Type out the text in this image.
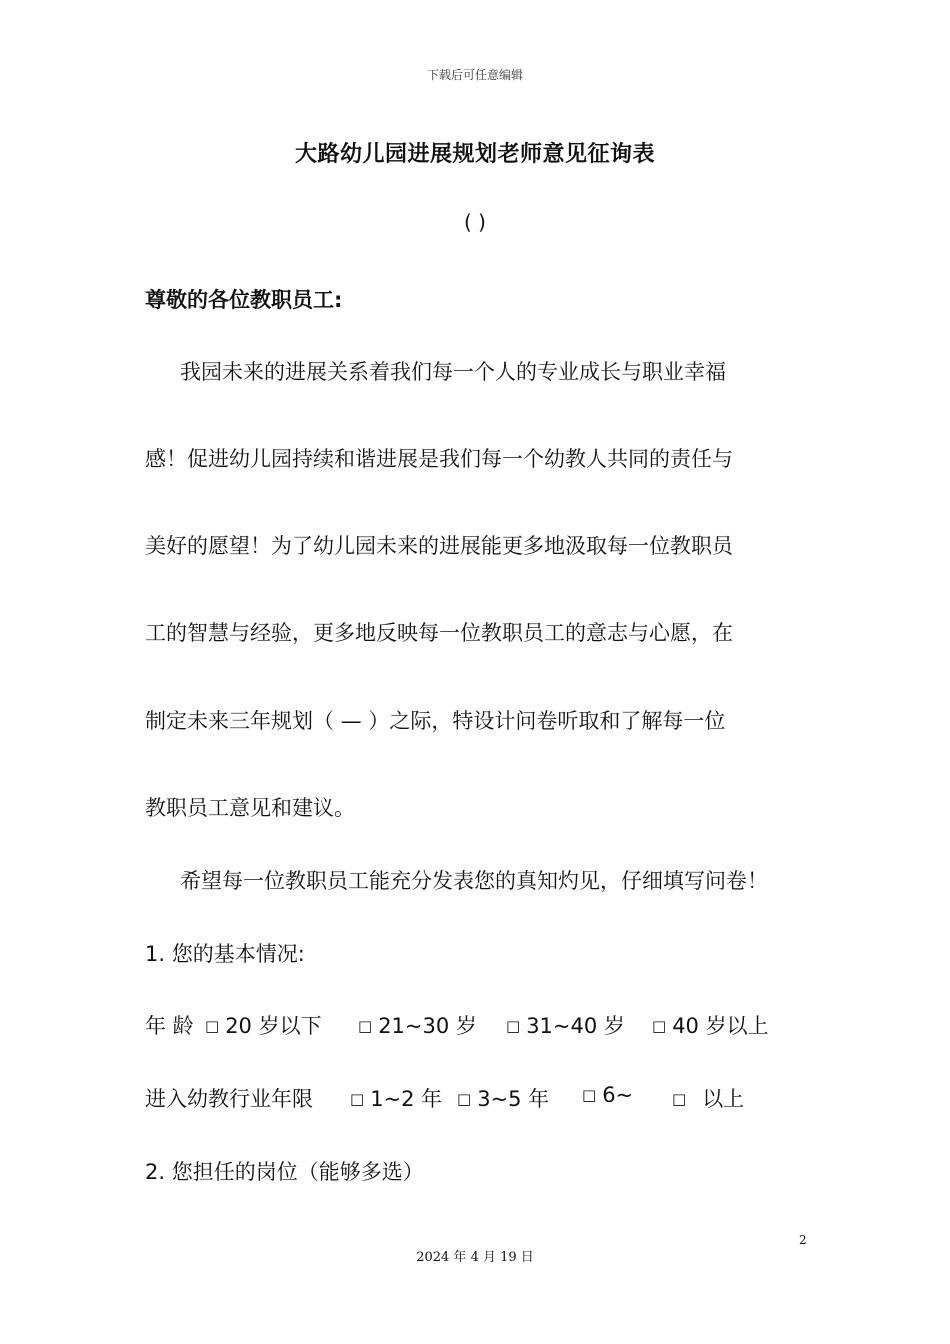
下载后可任意编辑
大路幼儿园进展规划老师意见征询表
( )
尊敬的各位教职员工:
我园未来的进展关系着我们每一个人的专业成长与职业幸福
感！促进幼儿园持续和谐进展是我们每一个幼教人共同的责任与
美好的愿望！为了幼儿园未来的进展能更多地汲取每一位教职员
工的智慧与经验，更多地反映每一位教职员工的意志与心愿，在
制定未来三年规划（ — ）之际，特设计问卷听取和了解每一位
教职员工意见和建议。
希望每一位教职员工能充分发表您的真知灼见，仔细填写问卷！
1. 您的基本情况:
年 龄 □ 20 岁以下 □ 21~30 岁 □ 31~40 岁 □ 40 岁以上
进入幼教行业年限 □ 1~2 年 □ 3~5 年 □ 6~	□ 以上
2. 您担任的岗位（能够多选）
2
2024 年 4 月 19 日
